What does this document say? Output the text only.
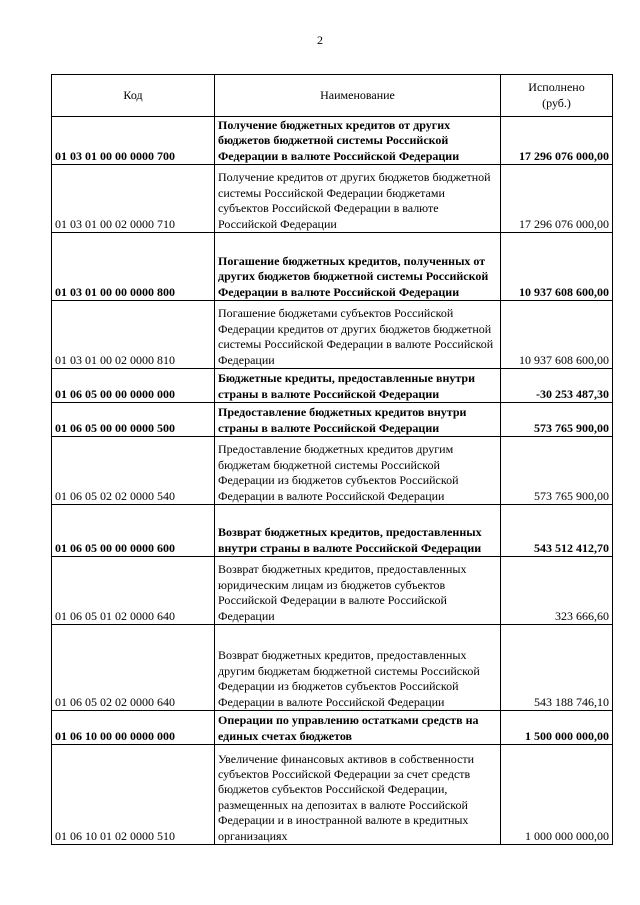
2
Код	Наименование	Исполнено
(руб.)

01 03 01 00 00 0000 700	Получение бюджетных кредитов от других бюджетов бюджетной системы Российской Федерации в валюте Российской Федерации	17 296 076 000,00
01 03 01 00 02 0000 710	Получение кредитов от других бюджетов бюджетной системы Российской Федерации бюджетами субъектов Российской Федерации в валюте Российской Федерации	17 296 076 000,00
01 03 01 00 00 0000 800	Погашение бюджетных кредитов, полученных от других бюджетов бюджетной системы Российской Федерации в валюте Российской Федерации	10 937 608 600,00
01 03 01 00 02 0000 810	Погашение бюджетами субъектов Российской Федерации кредитов от других бюджетов бюджетной системы Российской Федерации в валюте Российской Федерации	10 937 608 600,00
01 06 05 00 00 0000 000	Бюджетные кредиты, предоставленные внутри страны в валюте Российской Федерации	-30 253 487,30
01 06 05 00 00 0000 500	Предоставление бюджетных кредитов внутри страны в валюте Российской Федерации	573 765 900,00
01 06 05 02 02 0000 540	Предоставление бюджетных кредитов другим бюджетам бюджетной системы Российской Федерации из бюджетов субъектов Российской Федерации в валюте Российской Федерации	573 765 900,00
01 06 05 00 00 0000 600	Возврат бюджетных кредитов, предоставленных внутри страны в валюте Российской Федерации	543 512 412,70
01 06 05 01 02 0000 640	Возврат бюджетных кредитов, предоставленных юридическим лицам из бюджетов субъектов Российской Федерации в валюте Российской Федерации	323 666,60
01 06 05 02 02 0000 640	Возврат бюджетных кредитов, предоставленных другим бюджетам бюджетной системы Российской Федерации из бюджетов субъектов Российской Федерации в валюте Российской Федерации	543 188 746,10
01 06 10 00 00 0000 000	Операции по управлению остатками средств на единых счетах бюджетов	1 500 000 000,00
01 06 10 01 02 0000 510	Увеличение финансовых активов в собственности субъектов Российской Федерации за счет средств бюджетов субъектов Российской Федерации, размещенных на депозитах в валюте Российской Федерации и в иностранной валюте в кредитных организациях	1 000 000 000,00
